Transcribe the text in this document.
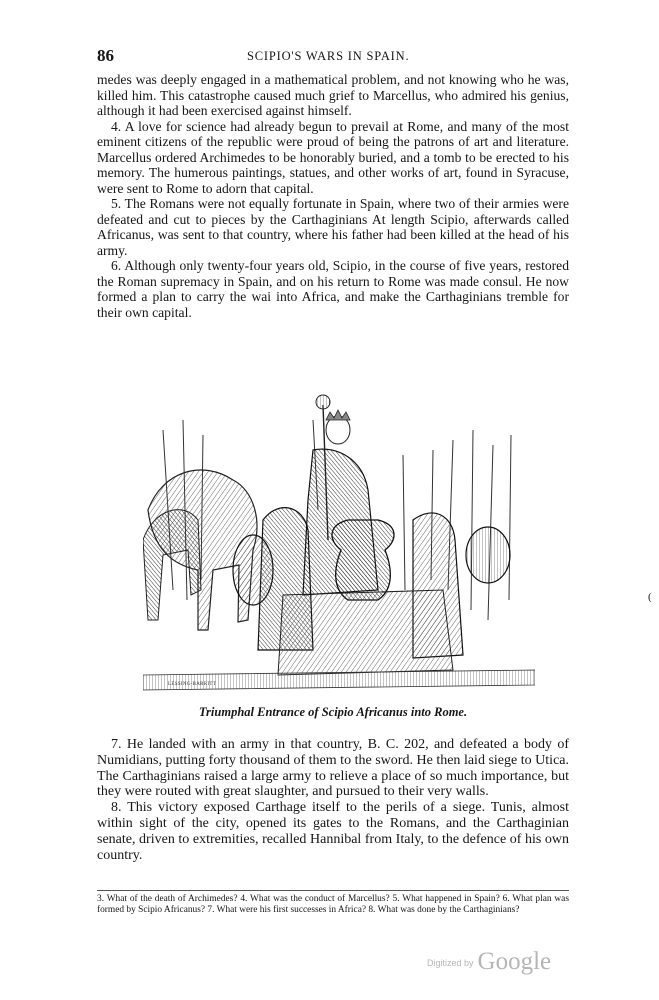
86	SCIPIO'S WARS IN SPAIN.

medes was deeply engaged in a mathematical problem, and not knowing who he was, killed him. This catastrophe caused much grief to Marcellus, who admired his genius, although it had been exercised against himself.

4. A love for science had already begun to prevail at Rome, and many of the most eminent citizens of the republic were proud of being the patrons of art and literature. Marcellus ordered Archimedes to be honorably buried, and a tomb to be erected to his memory. The humerous paintings, statues, and other works of art, found in Syracuse, were sent to Rome to adorn that capital.

5. The Romans were not equally fortunate in Spain, where two of their armies were defeated and cut to pieces by the Carthaginians At length Scipio, afterwards called Africanus, was sent to that country, where his father had been killed at the head of his army.

6. Although only twenty-four years old, Scipio, in the course of five years, restored the Roman supremacy in Spain, and on his return to Rome was made consul. He now formed a plan to carry the wai into Africa, and make the Carthaginians tremble for their own capital.

LESSING-BARRITT
Triumphal Entrance of Scipio Africanus into Rome.

7. He landed with an army in that country, B. C. 202, and defeated a body of Numidians, putting forty thousand of them to the sword. He then laid siege to Utica. The Carthaginians raised a large army to relieve a place of so much importance, but they were routed with great slaughter, and pursued to their very walls.

8. This victory exposed Carthage itself to the perils of a siege. Tunis, almost within sight of the city, opened its gates to the Romans, and the Carthaginian senate, driven to extremities, recalled Hannibal from Italy, to the defence of his own country.

3. What of the death of Archimedes? 4. What was the conduct of Marcellus? 5. What happened in Spain? 6. What plan was formed by Scipio Africanus? 7. What were his first successes in Africa? 8. What was done by the Carthaginians?

(
Digitized by Google
